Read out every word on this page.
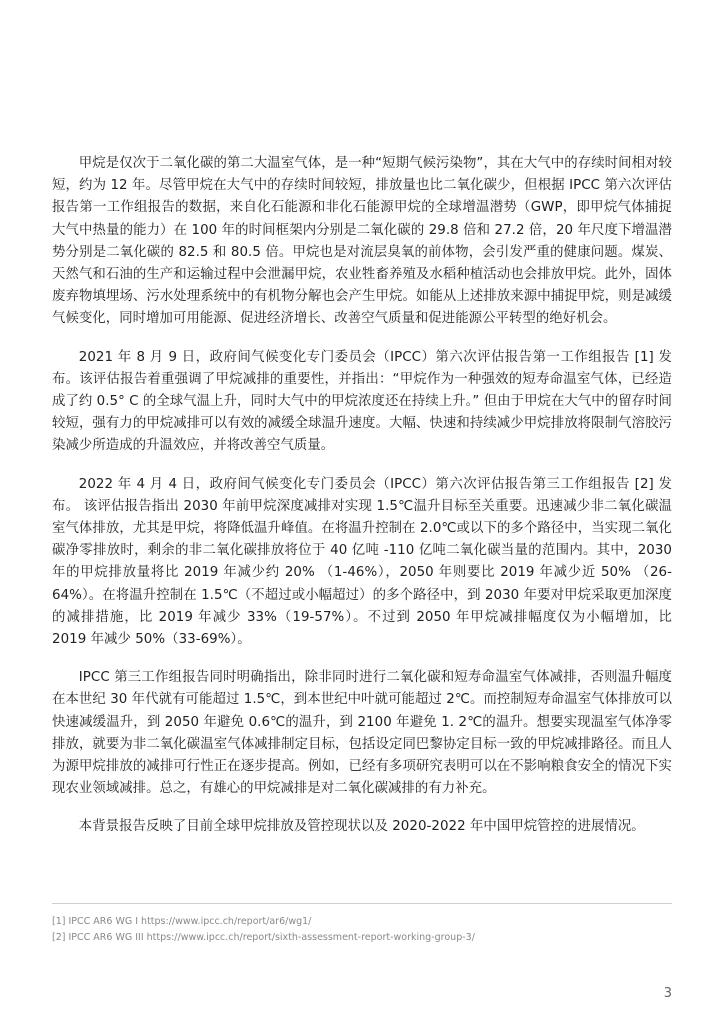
甲烷是仅次于二氧化碳的第二大温室气体，是一种“短期气候污染物”，其在大气中的存续时间相对较短，约为 12 年。尽管甲烷在大气中的存续时间较短，排放量也比二氧化碳少，但根据 IPCC 第六次评估报告第一工作组报告的数据，来自化石能源和非化石能源甲烷的全球增温潜势（GWP，即甲烷气体捕捉大气中热量的能力）在 100 年的时间框架内分别是二氧化碳的 29.8 倍和 27.2 倍，20 年尺度下增温潜势分别是二氧化碳的 82.5 和 80.5 倍。甲烷也是对流层臭氧的前体物，会引发严重的健康问题。煤炭、天然气和石油的生产和运输过程中会泄漏甲烷，农业牲畜养殖及水稻种植活动也会排放甲烷。此外，固体废弃物填埋场、污水处理系统中的有机物分解也会产生甲烷。如能从上述排放来源中捕捉甲烷，则是减缓气候变化，同时增加可用能源、促进经济增长、改善空气质量和促进能源公平转型的绝好机会。

2021 年 8 月 9 日，政府间气候变化专门委员会（IPCC）第六次评估报告第一工作组报告 [1] 发布。该评估报告着重强调了甲烷减排的重要性，并指出：“甲烷作为一种强效的短寿命温室气体，已经造成了约 0.5° C 的全球气温上升，同时大气中的甲烷浓度还在持续上升。” 但由于甲烷在大气中的留存时间较短，强有力的甲烷减排可以有效的减缓全球温升速度。大幅、快速和持续减少甲烷排放将限制气溶胶污染减少所造成的升温效应，并将改善空气质量。

2022 年 4 月 4 日，政府间气候变化专门委员会（IPCC）第六次评估报告第三工作组报告 [2] 发布。 该评估报告指出 2030 年前甲烷深度减排对实现 1.5℃温升目标至关重要。迅速减少非二氧化碳温室气体排放，尤其是甲烷，将降低温升峰值。在将温升控制在 2.0℃或以下的多个路径中，当实现二氧化碳净零排放时，剩余的非二氧化碳排放将位于 40 亿吨 -110 亿吨二氧化碳当量的范围内。其中，2030 年的甲烷排放量将比 2019 年减少约 20% （1-46%），2050 年则要比 2019 年减少近 50% （26-64%）。在将温升控制在 1.5℃（不超过或小幅超过）的多个路径中，到 2030 年要对甲烷采取更加深度的减排措施，比 2019 年减少 33%（19-57%）。不过到 2050 年甲烷减排幅度仅为小幅增加，比 2019 年减少 50%（33-69%）。

IPCC 第三工作组报告同时明确指出，除非同时进行二氧化碳和短寿命温室气体减排，否则温升幅度在本世纪 30 年代就有可能超过 1.5℃，到本世纪中叶就可能超过 2℃。而控制短寿命温室气体排放可以快速减缓温升，到 2050 年避免 0.6℃的温升，到 2100 年避免 1. 2℃的温升。想要实现温室气体净零排放，就要为非二氧化碳温室气体减排制定目标，包括设定同巴黎协定目标一致的甲烷减排路径。而且人为源甲烷排放的减排可行性正在逐步提高。例如，已经有多项研究表明可以在不影响粮食安全的情况下实现农业领域减排。总之，有雄心的甲烷减排是对二氧化碳减排的有力补充。

本背景报告反映了目前全球甲烷排放及管控现状以及 2020-2022 年中国甲烷管控的进展情况。

[1] IPCC AR6 WG I https://www.ipcc.ch/report/ar6/wg1/

[2] IPCC AR6 WG III https://www.ipcc.ch/report/sixth-assessment-report-working-group-3/

3
